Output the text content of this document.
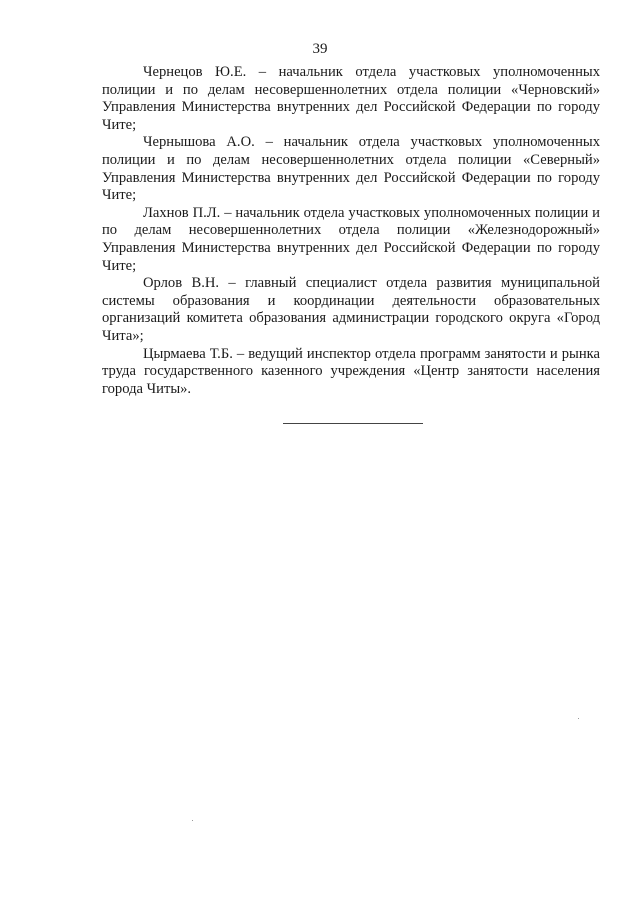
39

Чернецов Ю.Е. – начальник отдела участковых уполномоченных полиции и по делам несовершеннолетних отдела полиции «Черновский» Управления Министерства внутренних дел Российской Федерации по городу Чите;

Чернышова А.О. – начальник отдела участковых уполномоченных полиции и по делам несовершеннолетних отдела полиции «Северный» Управления Министерства внутренних дел Российской Федерации по городу Чите;

Лахнов П.Л. – начальник отдела участковых уполномоченных полиции и по делам несовершеннолетних отдела полиции «Железнодорожный» Управления Министерства внутренних дел Российской Федерации по городу Чите;

Орлов В.Н. – главный специалист отдела развития муниципальной системы образования и координации деятельности образовательных организаций комитета образования администрации городского округа «Город Чита»;

Цырмаева Т.Б. – ведущий инспектор отдела программ занятости и рынка труда государственного казенного учреждения «Центр занятости населения города Читы».
